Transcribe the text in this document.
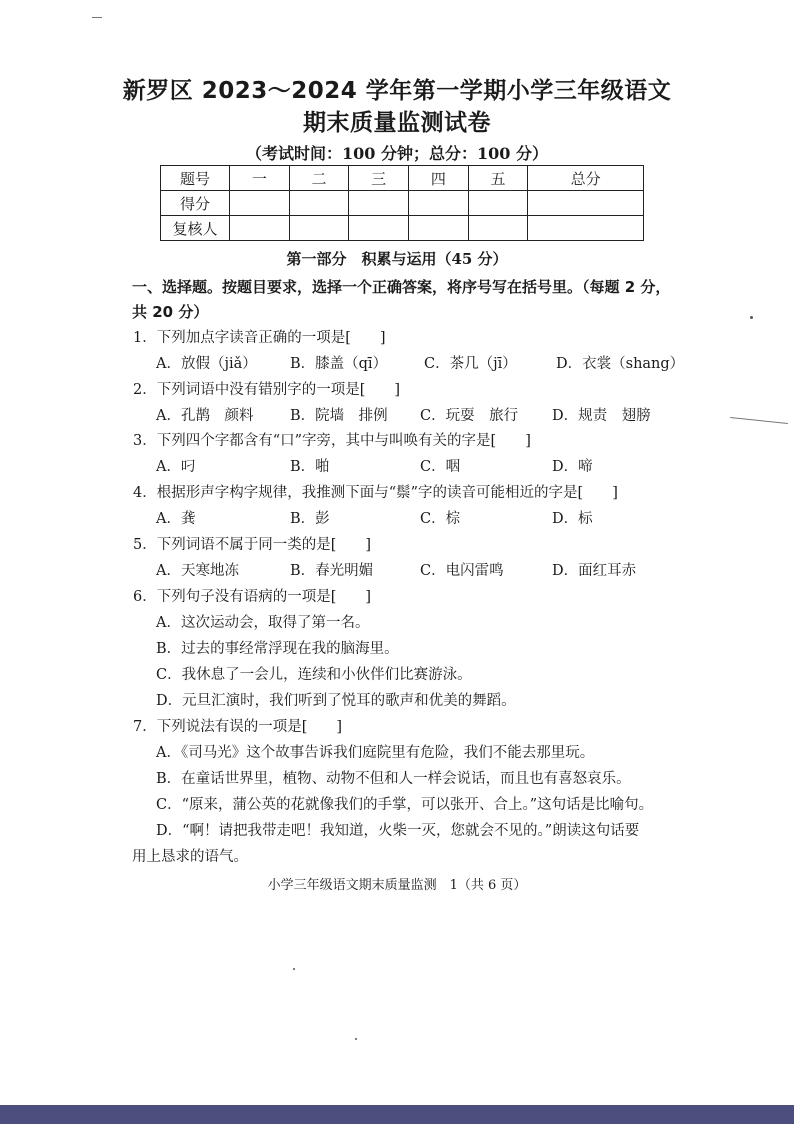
新罗区 2023～2024 学年第一学期小学三年级语文
期末质量监测试卷
（考试时间：100 分钟；总分：100 分）
题号	一	二	三	四	五	总分
得分						
复核人						
第一部分　积累与运用（45 分）
一、选择题。按题目要求，选择一个正确答案，将序号写在括号里。（每题 2 分，
共 20 分）
1．下列加点字读音正确的一项是[　　]
A．放假（jiǎ） B．膝盖（qī）	C．茶几（jī）	D．衣裳（shang）
2．下列词语中没有错别字的一项是[　　]
A．孔鹊　颜料	B．院墙　排例 C．玩耍　旅行 D．规责　翅膀
3．下列四个字都含有“口”字旁，其中与叫唤有关的字是[　　]
A．叼	B．啪	C．咽	D．啼
4．根据形声字构字规律，我推测下面与“鬃”字的读音可能相近的字是[　　]
A．龚	B．彭	C．棕	D．标
5．下列词语不属于同一类的是[　　]
A．天寒地冻	B．春光明媚	C．电闪雷鸣	D．面红耳赤
6．下列句子没有语病的一项是[　　]
A．这次运动会，取得了第一名。
B．过去的事经常浮现在我的脑海里。
C．我休息了一会儿，连续和小伙伴们比赛游泳。
D．元旦汇演时，我们听到了悦耳的歌声和优美的舞蹈。
7．下列说法有误的一项是[　　]
A．《司马光》这个故事告诉我们庭院里有危险，我们不能去那里玩。
B．在童话世界里，植物、动物不但和人一样会说话，而且也有喜怒哀乐。
C．“原来，蒲公英的花就像我们的手掌，可以张开、合上。”这句话是比喻句。
D．“啊！请把我带走吧！我知道，火柴一灭，您就会不见的。”朗读这句话要
用上恳求的语气。
小学三年级语文期末质量监测　1（共 6 页）
